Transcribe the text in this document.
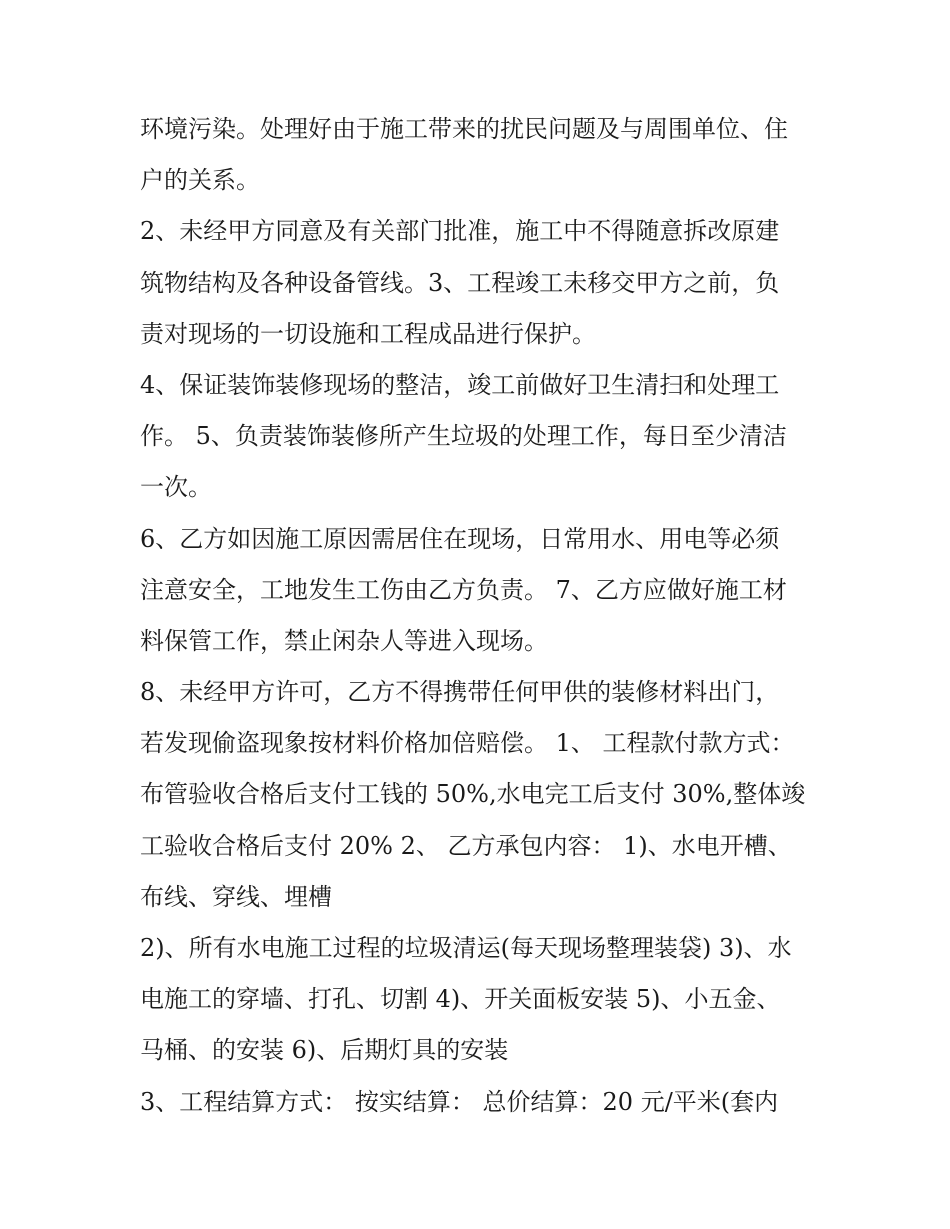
环境污染。处理好由于施工带来的扰民问题及与周围单位、住
户的关系。
2、未经甲方同意及有关部门批准，施工中不得随意拆改原建
筑物结构及各种设备管线。3、工程竣工未移交甲方之前，负
责对现场的一切设施和工程成品进行保护。
4、保证装饰装修现场的整洁，竣工前做好卫生清扫和处理工
作。 5、负责装饰装修所产生垃圾的处理工作，每日至少清洁
一次。
6、乙方如因施工原因需居住在现场，日常用水、用电等必须
注意安全，工地发生工伤由乙方负责。 7、乙方应做好施工材
料保管工作，禁止闲杂人等进入现场。
8、未经甲方许可，乙方不得携带任何甲供的装修材料出门，
若发现偷盗现象按材料价格加倍赔偿。 1、 工程款付款方式：
布管验收合格后支付工钱的 50%,水电完工后支付 30%,整体竣
工验收合格后支付 20% 2、 乙方承包内容： 1)、水电开槽、
布线、穿线、埋槽
2)、所有水电施工过程的垃圾清运(每天现场整理装袋) 3)、水
电施工的穿墙、打孔、切割 4)、开关面板安装 5)、小五金、
马桶、的安装 6)、后期灯具的安装
3、工程结算方式： 按实结算： 总价结算：20 元/平米(套内
